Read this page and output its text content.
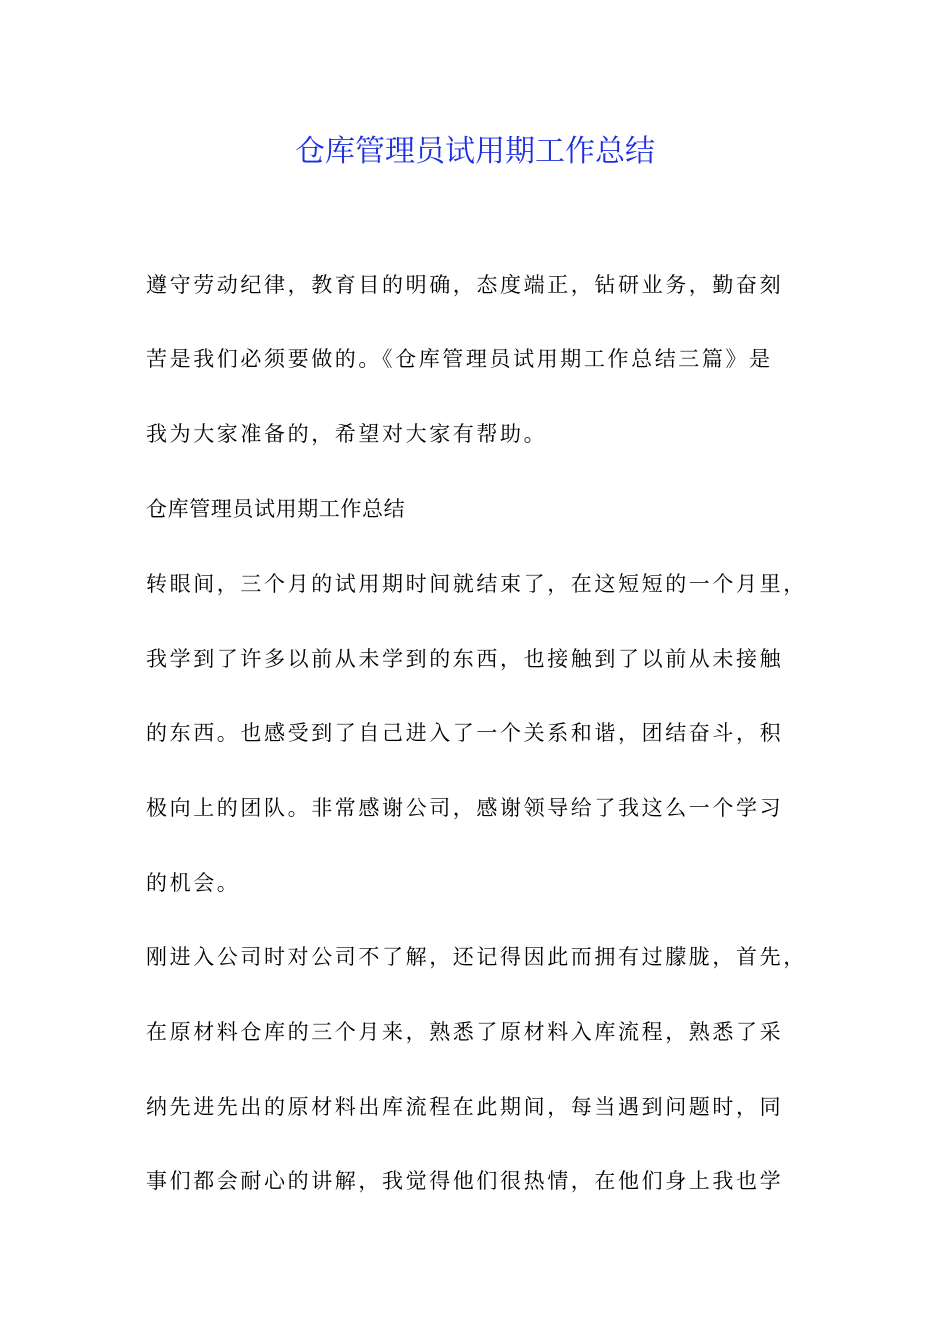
仓库管理员试用期工作总结

遵守劳动纪律，教育目的明确，态度端正，钻研业务，勤奋刻

苦是我们必须要做的。《仓库管理员试用期工作总结三篇》是

我为大家准备的，希望对大家有帮助。

仓库管理员试用期工作总结

转眼间，三个月的试用期时间就结束了，在这短短的一个月里，

我学到了许多以前从未学到的东西，也接触到了以前从未接触

的东西。也感受到了自己进入了一个关系和谐，团结奋斗，积

极向上的团队。非常感谢公司，感谢领导给了我这么一个学习

的机会。

刚进入公司时对公司不了解，还记得因此而拥有过朦胧，首先，

在原材料仓库的三个月来，熟悉了原材料入库流程，熟悉了采

纳先进先出的原材料出库流程在此期间，每当遇到问题时，同

事们都会耐心的讲解，我觉得他们很热情，在他们身上我也学
